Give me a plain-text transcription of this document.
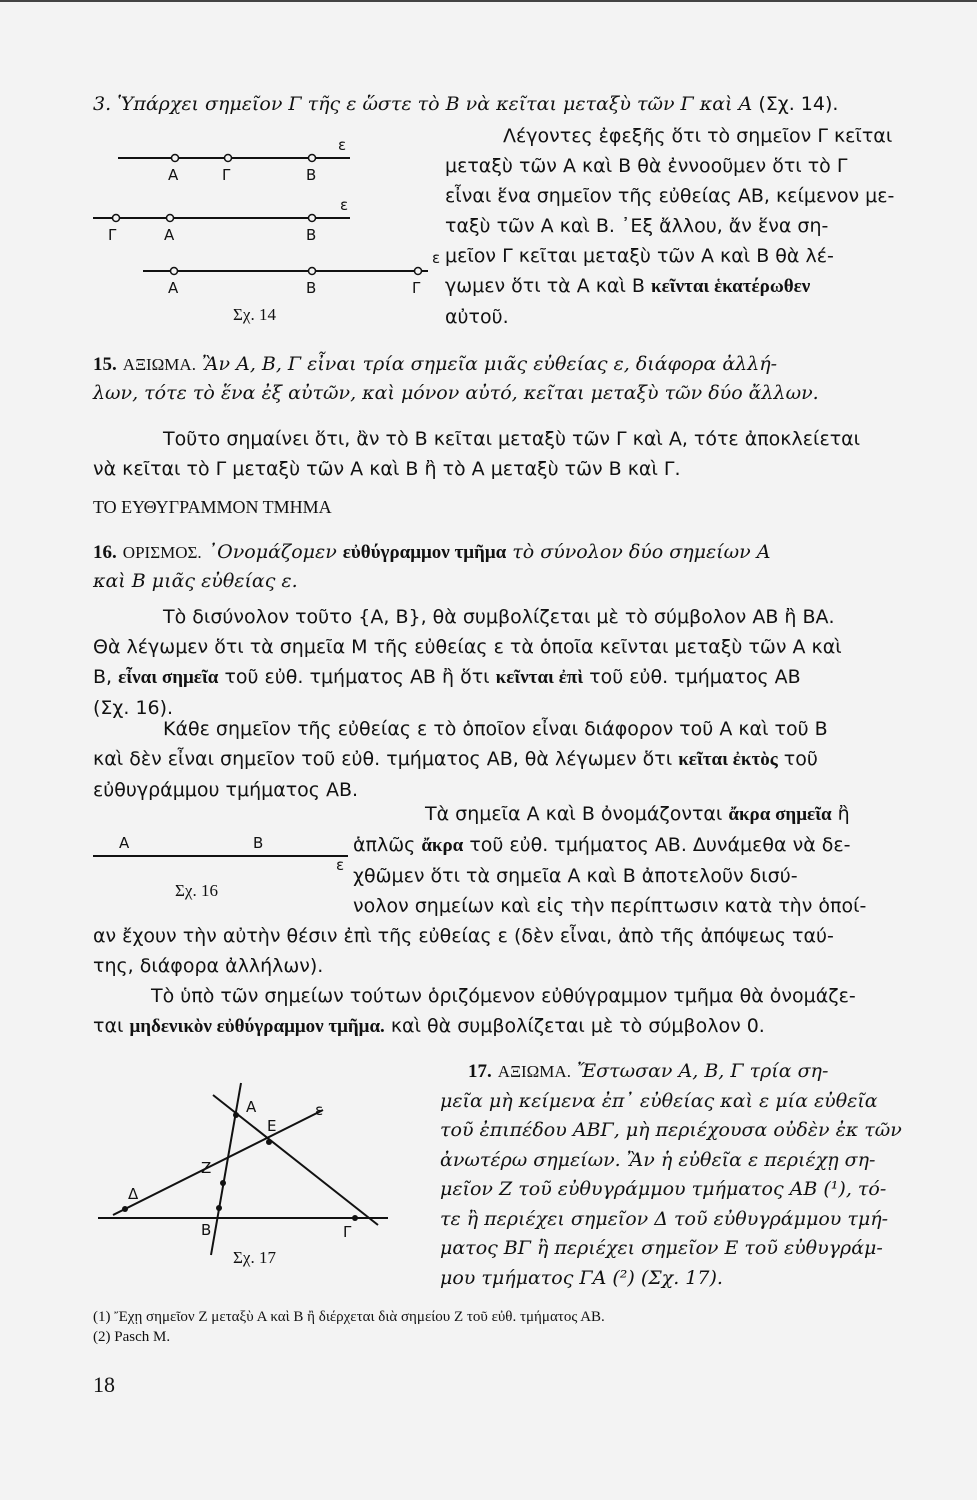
3. Ὑπάρχει σημεῖον Γ τῆς ε ὥστε τὸ Β νὰ κεῖται μεταξὺ τῶν Γ καὶ Α (Σχ. 14).
Α	Γ	Β
ε
Γ	Α	Β
ε
Α	Β	Γ
ε
Σχ. 14
Λέγοντες ἐφεξῆς ὅτι τὸ σημεῖον Γ κεῖται
μεταξὺ τῶν Α καὶ Β θὰ ἐννοοῦμεν ὅτι τὸ Γ
εἶναι ἕνα σημεῖον τῆς εὐθείας ΑΒ, κείμενον με-
ταξὺ τῶν Α καὶ Β. ᾿Εξ ἄλλου, ἄν ἕνα ση-
μεῖον Γ κεῖται μεταξὺ τῶν Α καὶ Β θὰ λέ-
γωμεν ὅτι τὰ Α καὶ Β κεῖνται ἑκατέρωθεν
αὐτοῦ.
15. ΑΞΙΩΜΑ. Ἂν Α, Β, Γ εἶναι τρία σημεῖα μιᾶς εὐθείας ε, διάφορα ἀλλή-
λων, τότε τὸ ἕνα ἐξ αὐτῶν, καὶ μόνον αὐτό, κεῖται μεταξὺ τῶν δύο ἄλλων.
Τοῦτο σημαίνει ὅτι, ἂν τὸ Β κεῖται μεταξὺ τῶν Γ καὶ Α, τότε ἀποκλείεται
νὰ κεῖται τὸ Γ μεταξὺ τῶν Α καὶ Β ἢ τὸ Α μεταξὺ τῶν Β καὶ Γ.
ΤΟ ΕΥΘΥΓΡΑΜΜΟΝ ΤΜΗΜΑ
16. ΟΡΙΣΜΟΣ. ᾿Ονομάζομεν εὐθύγραμμον τμῆμα τὸ σύνολον δύο σημείων Α
καὶ Β μιᾶς εὐθείας ε.
Τὸ δισύνολον τοῦτο {Α, Β}, θὰ συμβολίζεται μὲ τὸ σύμβολον ΑΒ ἢ ΒΑ.
Θὰ λέγωμεν ὅτι τὰ σημεῖα Μ τῆς εὐθείας ε τὰ ὁποῖα κεῖνται μεταξὺ τῶν Α καὶ
Β, εἶναι σημεῖα τοῦ εὐθ. τμήματος ΑΒ ἢ ὅτι κεῖνται ἐπὶ τοῦ εὐθ. τμήματος ΑΒ
(Σχ. 16).
Κάθε σημεῖον τῆς εὐθείας ε τὸ ὁποῖον εἶναι διάφορον τοῦ Α καὶ τοῦ Β
καὶ δὲν εἶναι σημεῖον τοῦ εὐθ. τμήματος ΑΒ, θὰ λέγωμεν ὅτι κεῖται ἐκτὸς τοῦ
εὐθυγράμμου τμήματος ΑΒ.
Α	Β
ε
Σχ. 16
Τὰ σημεῖα Α καὶ Β ὀνομάζονται ἄκρα σημεῖα ἢ
ἁπλῶς ἄκρα τοῦ εὐθ. τμήματος ΑΒ. Δυνάμεθα νὰ δε-
χθῶμεν ὅτι τὰ σημεῖα Α καὶ Β ἀποτελοῦν δισύ-
νολον σημείων καὶ εἰς τὴν περίπτωσιν κατὰ τὴν ὁποί-
αν ἔχουν τὴν αὐτὴν θέσιν ἐπὶ τῆς εὐθείας ε (δὲν εἶναι, ἀπὸ τῆς ἀπόψεως ταύ-
της, διάφορα ἀλλήλων).
Τὸ ὑπὸ τῶν σημείων τούτων ὁριζόμενον εὐθύγραμμον τμῆμα θὰ ὀνομάζε-
ται μηδενικὸν εὐθύγραμμον τμῆμα. καὶ θὰ συμβολίζεται μὲ τὸ σύμβολον 0.
Α	ε
Ε
Ζ
Δ
Β	Γ
Σχ. 17
17. ΑΞΙΩΜΑ. Ἔστωσαν Α, Β, Γ τρία ση-
μεῖα μὴ κείμενα ἐπ᾿ εὐθείας καὶ ε μία εὐθεῖα
τοῦ ἐπιπέδου ΑΒΓ, μὴ περιέχουσα οὐδὲν ἐκ τῶν
ἀνωτέρω σημείων. Ἂν ἡ εὐθεῖα ε περιέχῃ ση-
μεῖον Ζ τοῦ εὐθυγράμμου τμήματος ΑΒ (¹), τό-
τε ἢ περιέχει σημεῖον Δ τοῦ εὐθυγράμμου τμή-
ματος ΒΓ ἢ περιέχει σημεῖον Ε τοῦ εὐθυγράμ-
μου τμήματος ΓΑ (²) (Σχ. 17).
(1) Ἔχῃ σημεῖον Ζ μεταξὺ Α καὶ Β ἢ διέρχεται διὰ σημείου Ζ τοῦ εὐθ. τμήματος ΑΒ.
(2) Pasch M.
18
